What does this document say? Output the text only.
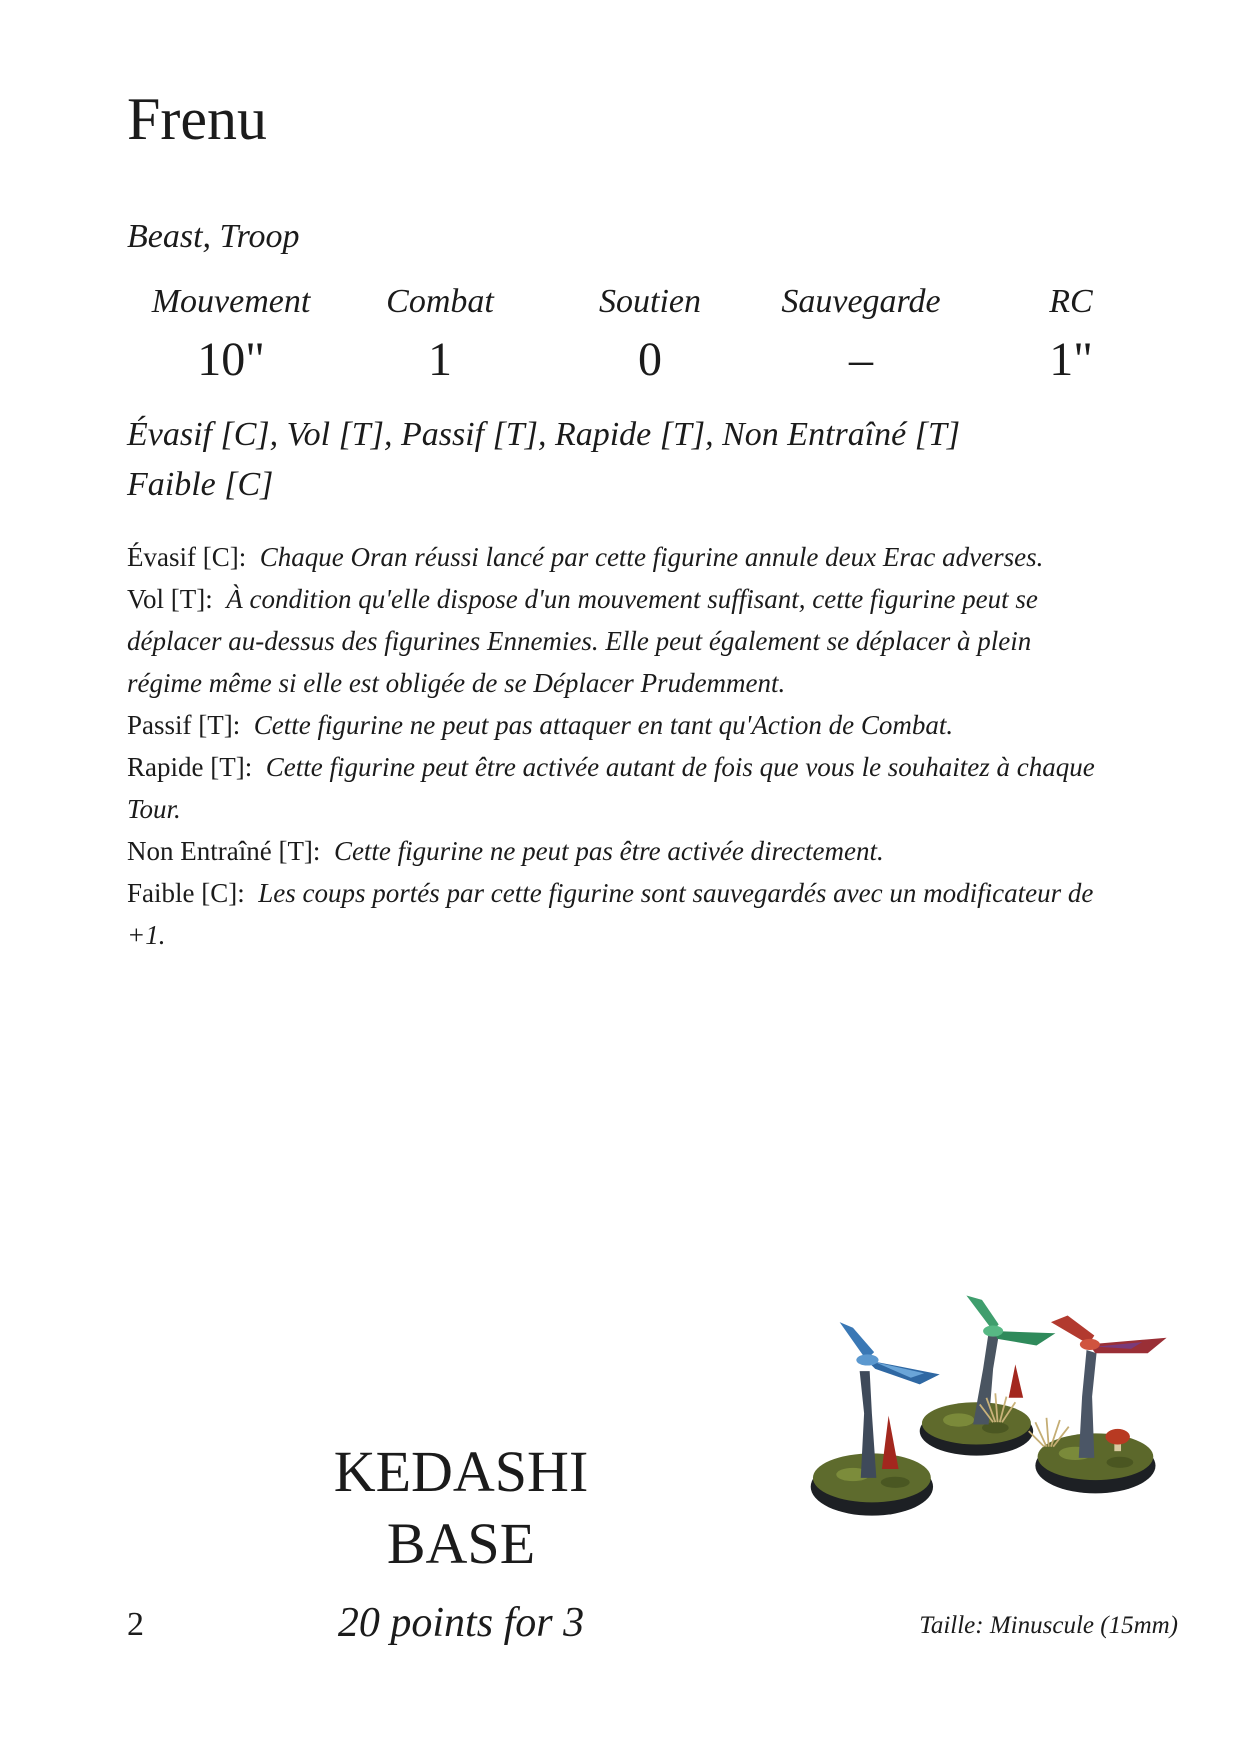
Frenu
Beast, Troop
Mouvement	Combat	Soutien	Sauvegarde	RC
10"	1	0	–	1"
Évasif [C], Vol [T], Passif [T], Rapide [T], Non Entraîné [T]
Faible [C]

Évasif [C]: Chaque Oran réussi lancé par cette figurine annule deux Erac adverses.

Vol [T]: À condition qu'elle dispose d'un mouvement suffisant, cette figurine peut se déplacer au-dessus des figurines Ennemies. Elle peut également se déplacer à plein régime même si elle est obligée de se Déplacer Prudemment.

Passif [T]: Cette figurine ne peut pas attaquer en tant qu'Action de Combat.

Rapide [T]: Cette figurine peut être activée autant de fois que vous le souhaitez à chaque Tour.

Non Entraîné [T]: Cette figurine ne peut pas être activée directement.

Faible [C]: Les coups portés par cette figurine sont sauvegardés avec un modificateur de +1.

KEDASHI
BASE
20 points for 3
2	Taille: Minuscule (15mm)
